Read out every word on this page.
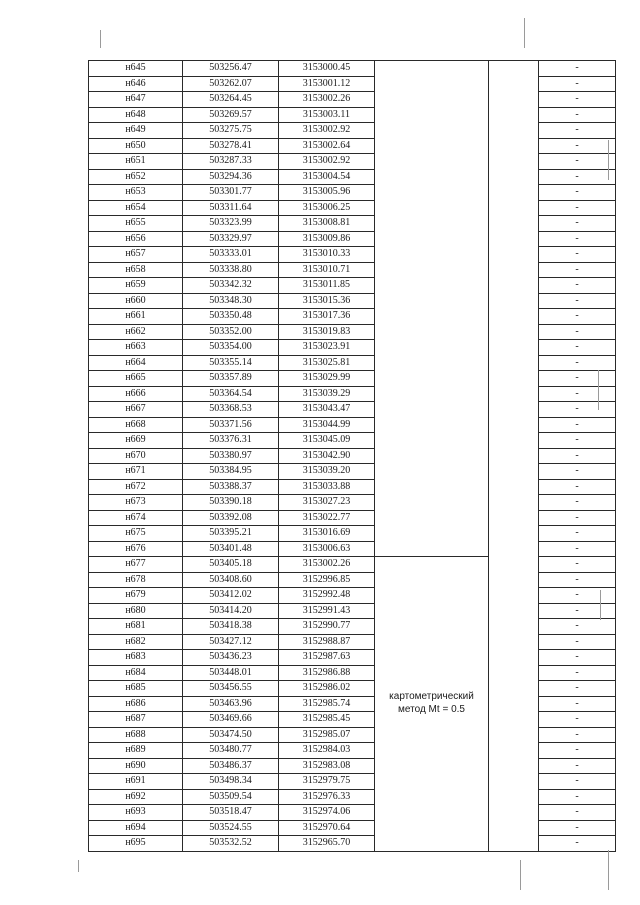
н645	503256.47	3153000.45			-
н646	503262.07	3153001.12			-
н647	503264.45	3153002.26			-
н648	503269.57	3153003.11			-
н649	503275.75	3153002.92			-
н650	503278.41	3153002.64			-
н651	503287.33	3153002.92			-
н652	503294.36	3153004.54			-
н653	503301.77	3153005.96			-
н654	503311.64	3153006.25			-
н655	503323.99	3153008.81			-
н656	503329.97	3153009.86			-
н657	503333.01	3153010.33			-
н658	503338.80	3153010.71			-
н659	503342.32	3153011.85			-
н660	503348.30	3153015.36			-
н661	503350.48	3153017.36			-
н662	503352.00	3153019.83			-
н663	503354.00	3153023.91			-
н664	503355.14	3153025.81			-
н665	503357.89	3153029.99			-
н666	503364.54	3153039.29			-
н667	503368.53	3153043.47			-
н668	503371.56	3153044.99			-
н669	503376.31	3153045.09			-
н670	503380.97	3153042.90			-
н671	503384.95	3153039.20			-
н672	503388.37	3153033.88			-
н673	503390.18	3153027.23			-
н674	503392.08	3153022.77			-
н675	503395.21	3153016.69			-
н676	503401.48	3153006.63			-
н677	503405.18	3153002.26	картометрический
метод Mt = 0.5		-
н678	503408.60	3152996.85			-
н679	503412.02	3152992.48			-
н680	503414.20	3152991.43			-
н681	503418.38	3152990.77			-
н682	503427.12	3152988.87			-
н683	503436.23	3152987.63			-
н684	503448.01	3152986.88			-
н685	503456.55	3152986.02			-
н686	503463.96	3152985.74			-
н687	503469.66	3152985.45			-
н688	503474.50	3152985.07			-
н689	503480.77	3152984.03			-
н690	503486.37	3152983.08			-
н691	503498.34	3152979.75			-
н692	503509.54	3152976.33			-
н693	503518.47	3152974.06			-
н694	503524.55	3152970.64			-
н695	503532.52	3152965.70			-
